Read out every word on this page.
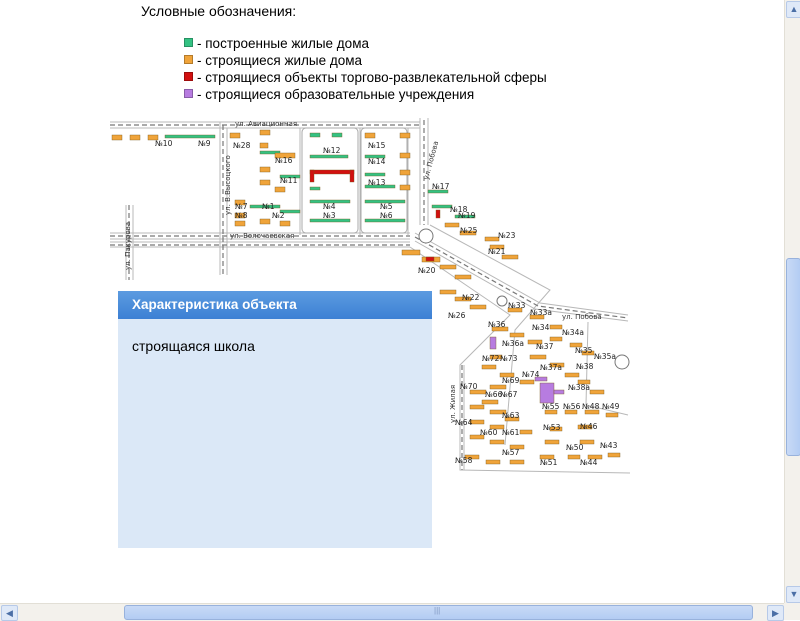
Условные обозначения:
- построенные жилые дома
- строящиеся жилые дома
- строящиеся объекты торгово-развлекательной сферы
- строящиеся образовательные учреждения
ул. Авиационная
ул. В.Высоцкого	ул. Побова
ул. Волочаевская
ул. Пакурова
ул. Побова
ул. Жилая
№10	№9	№28
№12
№15
№16	№14
№11	№13	№17
№7 №1	№4	№5	№18
№8	№2	№3	№6	№19
№25
№23
№21
№20
№22
№26
№33
№33а
№36	№34
№34а
№36а №37	№35
№35а
№72 №73
№37а №38
№74
№69
№38а
№70
№66
№67
№55 №56 №48 №49
№63
№64
№60 №61
№53	№46
№57
№50 №43
№58	№51	№44
Характеристика объекта
строящаяся школа
▲
▼
◀	|||	▶
